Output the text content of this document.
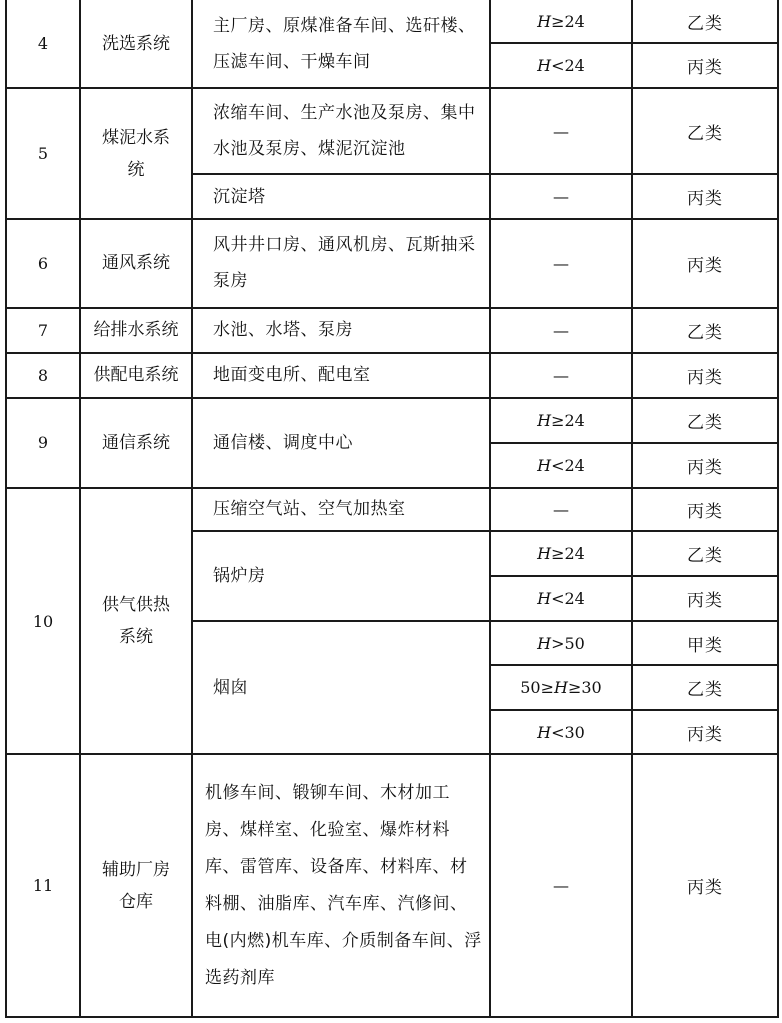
4	洗选系统	主厂房、原煤准备车间、选矸楼、压滤车间、干燥车间	H≥24	乙类
			H<24	丙类
5	煤泥水系统	浓缩车间、生产水池及泵房、集中水池及泵房、煤泥沉淀池	—	乙类
		沉淀塔	—	丙类
6	通风系统	风井井口房、通风机房、瓦斯抽采泵房	—	丙类
7	给排水系统	水池、水塔、泵房	—	乙类
8	供配电系统	地面变电所、配电室	—	丙类
9	通信系统	通信楼、调度中心	H≥24	乙类
			H<24	丙类
10	供气供热系统	压缩空气站、空气加热室	—	丙类
		锅炉房	H≥24	乙类
			H<24	丙类
		烟囱	H>50	甲类
			50≥H≥30	乙类
			H<30	丙类
11	辅助厂房仓库	机修车间、锻铆车间、木材加工房、煤样室、化验室、爆炸材料库、雷管库、设备库、材料库、材料棚、油脂库、汽车库、汽修间、电(内燃)机车库、介质制备车间、浮选药剂库	—	丙类
